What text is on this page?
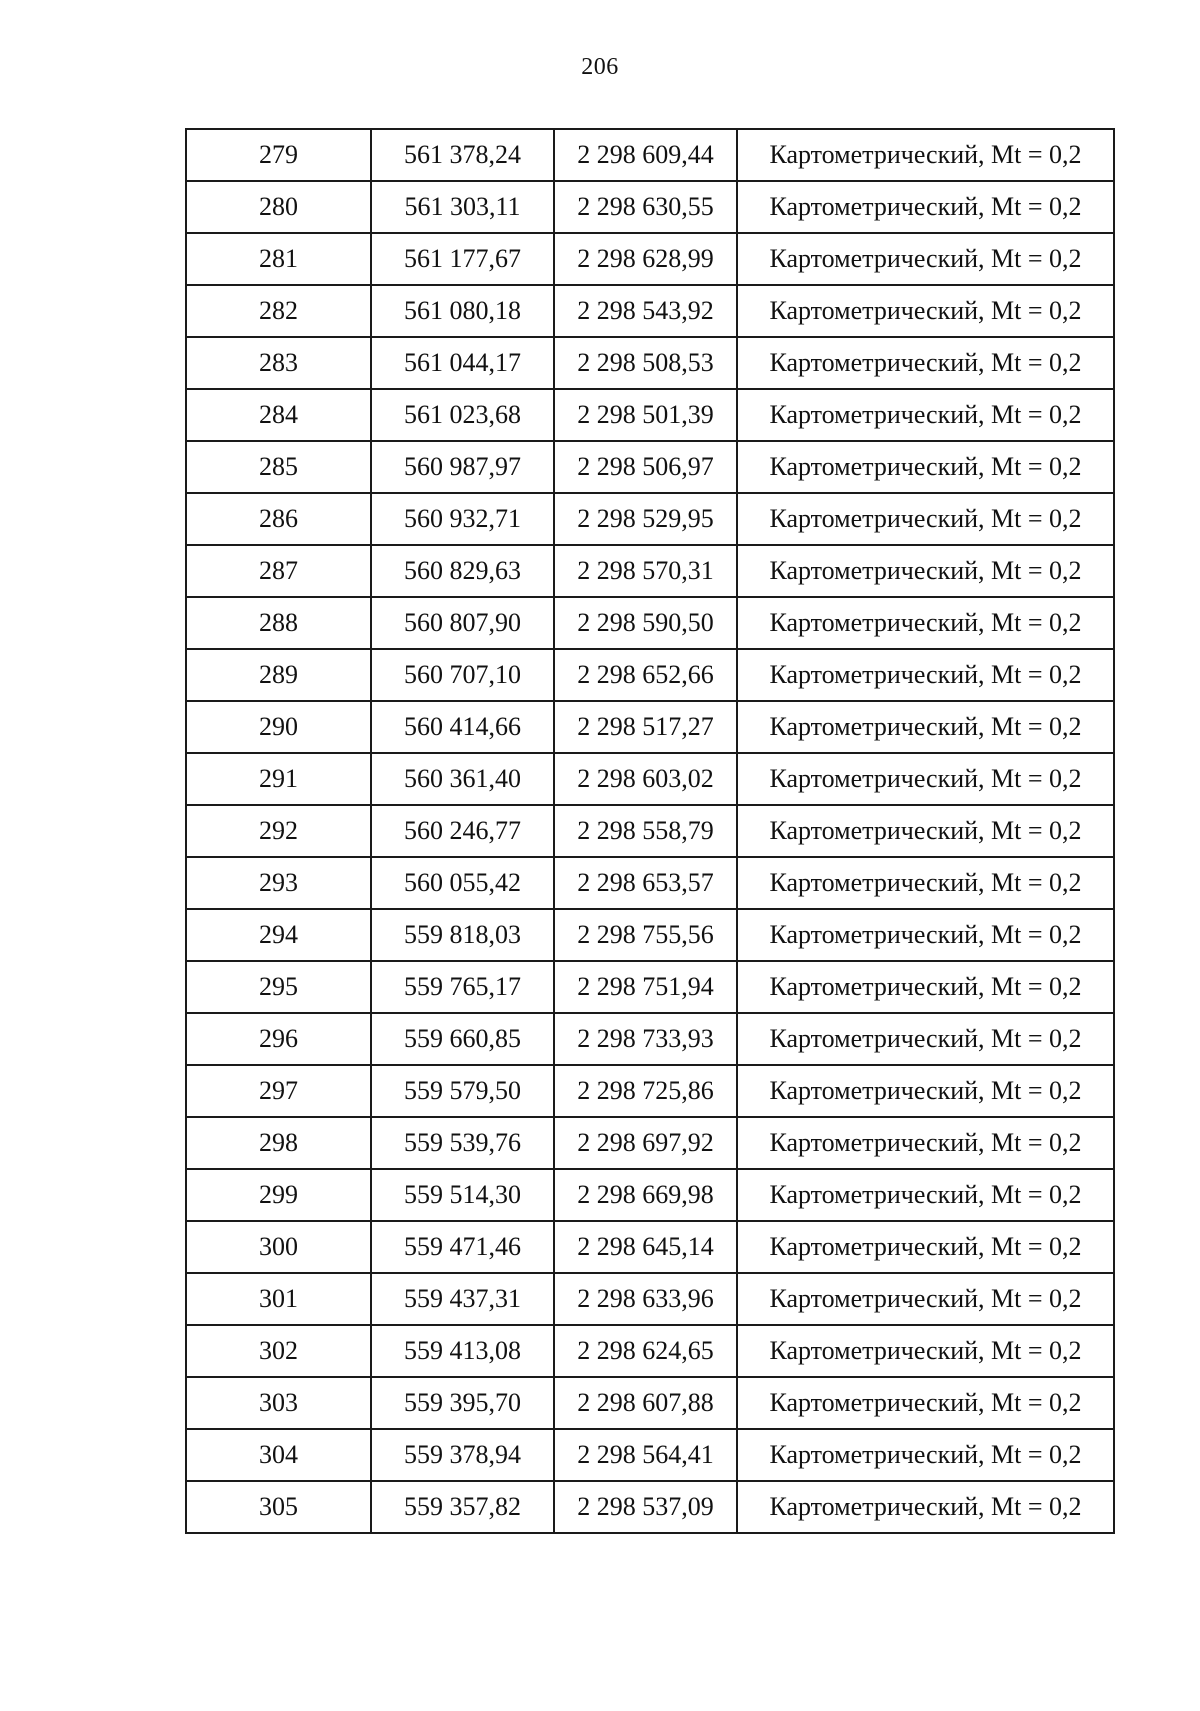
206
279	561 378,24	2 298 609,44	Картометрический, Mt = 0,2
280	561 303,11	2 298 630,55	Картометрический, Mt = 0,2
281	561 177,67	2 298 628,99	Картометрический, Mt = 0,2
282	561 080,18	2 298 543,92	Картометрический, Mt = 0,2
283	561 044,17	2 298 508,53	Картометрический, Mt = 0,2
284	561 023,68	2 298 501,39	Картометрический, Mt = 0,2
285	560 987,97	2 298 506,97	Картометрический, Mt = 0,2
286	560 932,71	2 298 529,95	Картометрический, Mt = 0,2
287	560 829,63	2 298 570,31	Картометрический, Mt = 0,2
288	560 807,90	2 298 590,50	Картометрический, Mt = 0,2
289	560 707,10	2 298 652,66	Картометрический, Mt = 0,2
290	560 414,66	2 298 517,27	Картометрический, Mt = 0,2
291	560 361,40	2 298 603,02	Картометрический, Mt = 0,2
292	560 246,77	2 298 558,79	Картометрический, Mt = 0,2
293	560 055,42	2 298 653,57	Картометрический, Mt = 0,2
294	559 818,03	2 298 755,56	Картометрический, Mt = 0,2
295	559 765,17	2 298 751,94	Картометрический, Mt = 0,2
296	559 660,85	2 298 733,93	Картометрический, Mt = 0,2
297	559 579,50	2 298 725,86	Картометрический, Mt = 0,2
298	559 539,76	2 298 697,92	Картометрический, Mt = 0,2
299	559 514,30	2 298 669,98	Картометрический, Mt = 0,2
300	559 471,46	2 298 645,14	Картометрический, Mt = 0,2
301	559 437,31	2 298 633,96	Картометрический, Mt = 0,2
302	559 413,08	2 298 624,65	Картометрический, Mt = 0,2
303	559 395,70	2 298 607,88	Картометрический, Mt = 0,2
304	559 378,94	2 298 564,41	Картометрический, Mt = 0,2
305	559 357,82	2 298 537,09	Картометрический, Mt = 0,2
